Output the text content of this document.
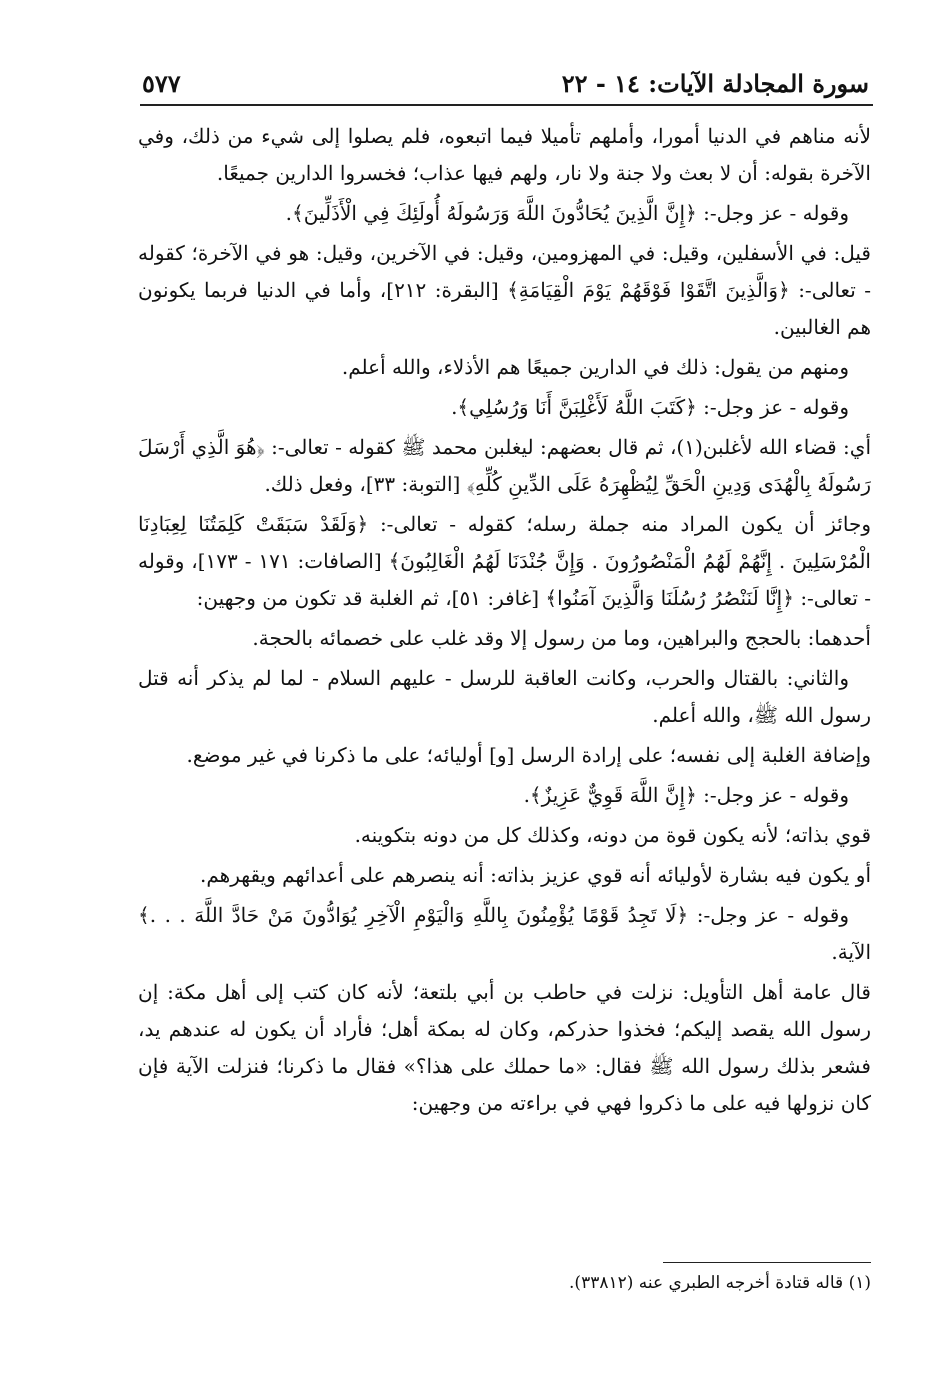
سورة المجادلة الآيات: ١٤ - ٢٢
٥٧٧

لأنه مناهم في الدنيا أمورا، وأملهم تأميلا فيما اتبعوه، فلم يصلوا إلى شيء من ذلك، وفي الآخرة بقوله: أن لا بعث ولا جنة ولا نار، ولهم فيها عذاب؛ فخسروا الدارين جميعًا.

وقوله - عز وجل-: ﴿إِنَّ الَّذِينَ يُحَادُّونَ اللَّهَ وَرَسُولَهُ أُولَئِكَ فِي الْأَذَلِّينَ﴾.

قيل: في الأسفلين، وقيل: في المهزومين، وقيل: في الآخرين، وقيل: هو في الآخرة؛ كقوله - تعالى-: ﴿وَالَّذِينَ اتَّقَوْا فَوْقَهُمْ يَوْمَ الْقِيَامَةِ﴾ [البقرة: ٢١٢]، وأما في الدنيا فربما يكونون هم الغالبين.

ومنهم من يقول: ذلك في الدارين جميعًا هم الأذلاء، والله أعلم.

وقوله - عز وجل-: ﴿كَتَبَ اللَّهُ لَأَغْلِبَنَّ أَنَا وَرُسُلِي﴾.

أي: قضاء الله لأغلبن(١)، ثم قال بعضهم: ليغلبن محمد ﷺ كقوله - تعالى-: ﴿هُوَ الَّذِي أَرْسَلَ رَسُولَهُ بِالْهُدَى وَدِينِ الْحَقِّ لِيُظْهِرَهُ عَلَى الدِّينِ كُلِّهِ﴾ [التوبة: ٣٣]، وفعل ذلك.

وجائز أن يكون المراد منه جملة رسله؛ كقوله - تعالى-: ﴿وَلَقَدْ سَبَقَتْ كَلِمَتُنَا لِعِبَادِنَا الْمُرْسَلِينَ . إِنَّهُمْ لَهُمُ الْمَنْصُورُونَ . وَإِنَّ جُنْدَنَا لَهُمُ الْغَالِبُونَ﴾ [الصافات: ١٧١ - ١٧٣]، وقوله - تعالى-: ﴿إِنَّا لَنَنْصُرُ رُسُلَنَا وَالَّذِينَ آمَنُوا﴾ [غافر: ٥١]، ثم الغلبة قد تكون من وجهين:

أحدهما: بالحجج والبراهين، وما من رسول إلا وقد غلب على خصمائه بالحجة.

والثاني: بالقتال والحرب، وكانت العاقبة للرسل - عليهم السلام - لما لم يذكر أنه قتل رسول الله ﷺ، والله أعلم.

وإضافة الغلبة إلى نفسه؛ على إرادة الرسل [و] أوليائه؛ على ما ذكرنا في غير موضع.

وقوله - عز وجل-: ﴿إِنَّ اللَّهَ قَوِيٌّ عَزِيزٌ﴾.

قوي بذاته؛ لأنه يكون قوة من دونه، وكذلك كل من دونه بتكوينه.

أو يكون فيه بشارة لأوليائه أنه قوي عزيز بذاته: أنه ينصرهم على أعدائهم ويقهرهم.

وقوله - عز وجل-: ﴿لَا تَجِدُ قَوْمًا يُؤْمِنُونَ بِاللَّهِ وَالْيَوْمِ الْآخِرِ يُوَادُّونَ مَنْ حَادَّ اللَّهَ . . .﴾ الآية.

قال عامة أهل التأويل: نزلت في حاطب بن أبي بلتعة؛ لأنه كان كتب إلى أهل مكة: إن رسول الله يقصد إليكم؛ فخذوا حذركم، وكان له بمكة أهل؛ فأراد أن يكون له عندهم يد، فشعر بذلك رسول الله ﷺ فقال: «ما حملك على هذا؟» فقال ما ذكرنا؛ فنزلت الآية فإن كان نزولها فيه على ما ذكروا فهي في براءته من وجهين:

(١) قاله قتادة أخرجه الطبري عنه (٣٣٨١٢).
